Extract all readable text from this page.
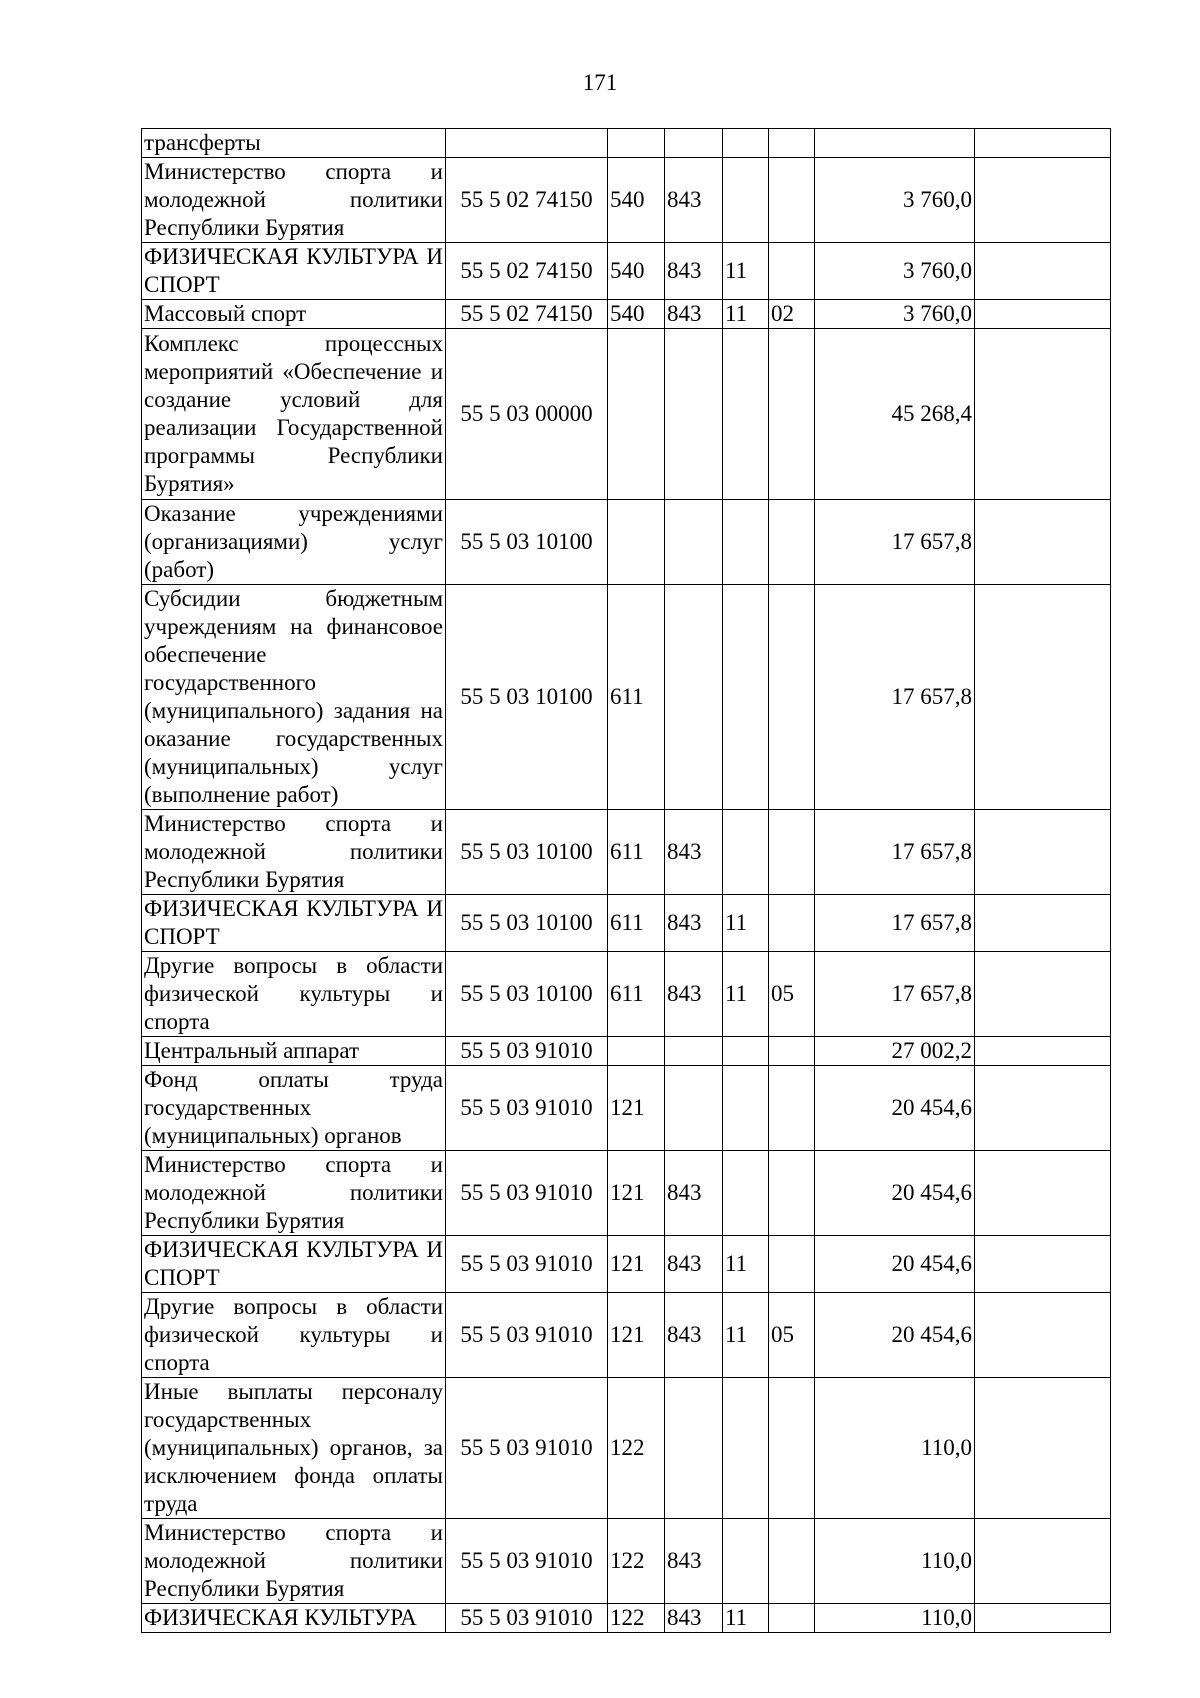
171
трансферты							
Министерство спорта и молодежной политики Республики Бурятия	55 5 02 74150	540	843			3 760,0	
ФИЗИЧЕСКАЯ КУЛЬТУРА И СПОРТ	55 5 02 74150	540	843	11		3 760,0	
Массовый спорт	55 5 02 74150	540	843	11	02	3 760,0	
Комплекс процессных мероприятий «Обеспечение и создание условий для реализации Государственной программы Республики Бурятия»	55 5 03 00000					45 268,4	
Оказание учреждениями (организациями) услуг (работ)	55 5 03 10100					17 657,8	
Субсидии бюджетным учреждениям на финансовое обеспечение государственного (муниципального) задания на оказание государственных (муниципальных) услуг (выполнение работ)	55 5 03 10100	611				17 657,8	
Министерство спорта и молодежной политики Республики Бурятия	55 5 03 10100	611	843			17 657,8	
ФИЗИЧЕСКАЯ КУЛЬТУРА И СПОРТ	55 5 03 10100	611	843	11		17 657,8	
Другие вопросы в области физической культуры и спорта	55 5 03 10100	611	843	11	05	17 657,8	
Центральный аппарат	55 5 03 91010					27 002,2	
Фонд оплаты труда государственных (муниципальных) органов	55 5 03 91010	121				20 454,6	
Министерство спорта и молодежной политики Республики Бурятия	55 5 03 91010	121	843			20 454,6	
ФИЗИЧЕСКАЯ КУЛЬТУРА И СПОРТ	55 5 03 91010	121	843	11		20 454,6	
Другие вопросы в области физической культуры и спорта	55 5 03 91010	121	843	11	05	20 454,6	
Иные выплаты персоналу государственных (муниципальных) органов, за исключением фонда оплаты труда	55 5 03 91010	122				110,0	
Министерство спорта и молодежной политики Республики Бурятия	55 5 03 91010	122	843			110,0	
ФИЗИЧЕСКАЯ КУЛЬТУРА	55 5 03 91010	122	843	11		110,0	
